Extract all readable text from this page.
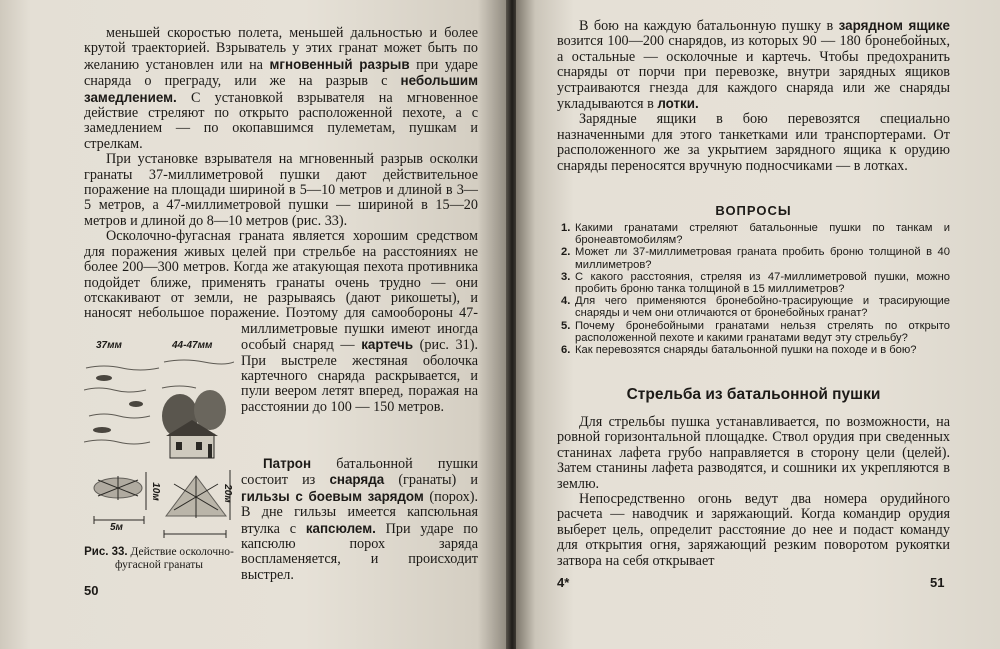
меньшей скоростью полета, меньшей дальностью и более крутой траекторией. Взрыватель у этих гранат может быть по желанию установлен или на мгновенный разрыв при ударе снаряда о преграду, или же на разрыв с небольшим замедлением. С установкой взрывателя на мгновенное действие стреляют по открыто расположенной пехоте, а с замедлением — по окопавшимся пулеметам, пушкам и стрелкам.

При установке взрывателя на мгновенный разрыв осколки гранаты 37-миллиметровой пушки дают действительное поражение на площади шириной в 5—10 метров и длиной в 3—5 метров, а 47-миллиметровой пушки — шириной в 15—20 метров и длиной до 8—10 метров (рис. 33).

Осколочно-фугасная граната является хорошим средством для поражения живых целей при стрельбе на расстояниях не более 200—300 метров. Когда же атакующая пехота противника подойдет ближе, применять гранаты очень трудно — они отскакивают от земли, не разрываясь (дают рикошеты), и наносят небольшое поражение. Поэтому для самообороны 47-миллиметровые пушки имеют иногда особый снаряд — картечь (рис. 31). При выстреле жестяная оболочка картечного снаряда раскрывается, и пули веером летят вперед, поражая на расстоянии до 100 — 150 метров.

37мм	44-47мм
5м
10м	20м
Рис. 33. Действие осколочно-фугасной гранаты

Патрон батальонной пушки состоит из снаряда (гранаты) и гильзы с боевым зарядом (порох). В дне гильзы имеется капсюльная втулка с капсюлем. При ударе по капсюлю порох заряда воспламеняется, и происходит выстрел.

50

В бою на каждую батальонную пушку в зарядном ящике возится 100—200 снарядов, из которых 90 — 180 бронебойных, а остальные — осколочные и картечь. Чтобы предохранить снаряды от порчи при перевозке, внутри зарядных ящиков устраиваются гнезда для каждого снаряда или же снаряды укладываются в лотки.

Зарядные ящики в бою перевозятся специально назначенными для этого танкетками или транспортерами. От расположенного же за укрытием зарядного ящика к орудию снаряды переносятся вручную подносчиками — в лотках.

ВОПРОСЫ
1. Какими гранатами стреляют батальонные пушки по танкам и бронеавтомобилям?
2. Может ли 37-миллиметровая граната пробить броню толщиной в 40 миллиметров?
3. С какого расстояния, стреляя из 47-миллиметровой пушки, можно пробить броню танка толщиной в 15 миллиметров?
4. Для чего применяются бронебойно-трасирующие и трасирующие снаряды и чем они отличаются от бронебойных гранат?
5. Почему бронебойными гранатами нельзя стрелять по открыто расположенной пехоте и какими гранатами ведут эту стрельбу?
6. Как перевозятся снаряды батальонной пушки на походе и в бою?
Стрельба из батальонной пушки

Для стрельбы пушка устанавливается, по возможности, на ровной горизонтальной площадке. Ствол орудия при сведенных станинах лафета грубо направляется в сторону цели (целей). Затем станины лафета разводятся, и сошники их укрепляются в землю.

Непосредственно огонь ведут два номера орудийного расчета — наводчик и заряжающий. Когда командир орудия выберет цель, определит расстояние до нее и подаст команду для открытия огня, заряжающий резким поворотом рукоятки затвора на себя открывает

4*	51
